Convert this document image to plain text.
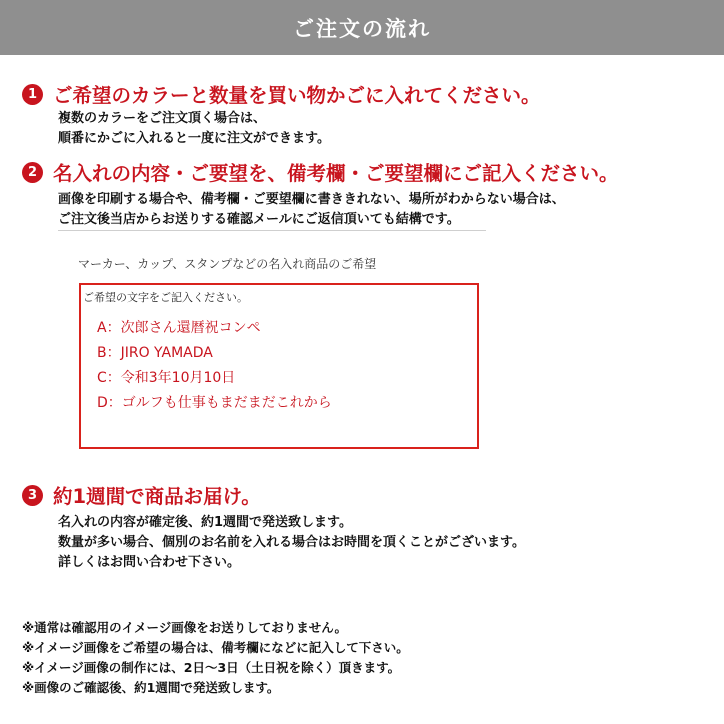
ご注文の流れ
1 ご希望のカラーと数量を買い物かごに入れてください。
複数のカラーをご注文頂く場合は、
順番にかごに入れると一度に注文ができます。
2 名入れの内容・ご要望を、備考欄・ご要望欄にご記入ください。
画像を印刷する場合や、備考欄・ご要望欄に書ききれない、場所がわからない場合は、
ご注文後当店からお送りする確認メールにご返信頂いても結構です。
マーカー、カップ、スタンプなどの名入れ商品のご希望
ご希望の文字をご記入ください。
A：次郎さん還暦祝コンペ
B：JIRO YAMADA
C：令和3年10月10日
D：ゴルフも仕事もまだまだこれから
3 約1週間で商品お届け。
名入れの内容が確定後、約1週間で発送致します。
数量が多い場合、個別のお名前を入れる場合はお時間を頂くことがございます。
詳しくはお問い合わせ下さい。
※通常は確認用のイメージ画像をお送りしておりません。
※イメージ画像をご希望の場合は、備考欄になどに記入して下さい。
※イメージ画像の制作には、2日～3日（土日祝を除く）頂きます。
※画像のご確認後、約1週間で発送致します。
